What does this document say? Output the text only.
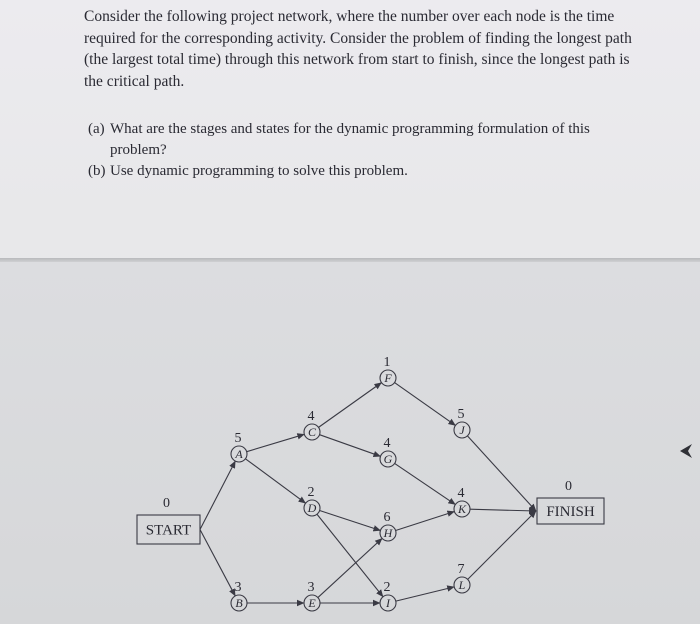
Consider the following project network, where the number over each node is the time required for the corresponding activity. Consider the problem of finding the longest path (the largest total time) through this network from start to finish, since the longest path is the critical path.

(a) What are the stages and states for the dynamic programming formulation of this problem?
(b) Use dynamic programming to solve this problem.
A
5
B
3
C
4
D
2
E
3
F
1
G
4
H
6
I
2
J
5
K
4
L
7
START
0
FINISH
0
